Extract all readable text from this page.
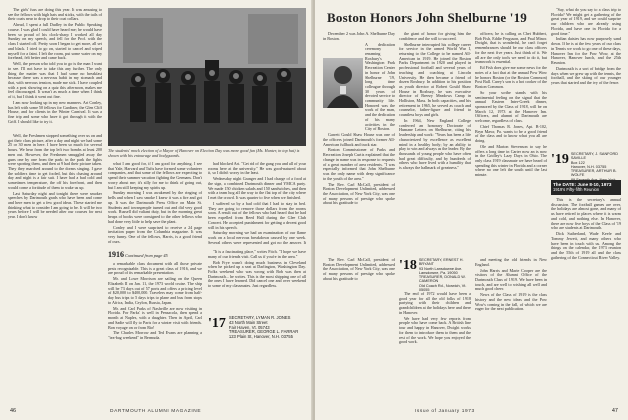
The girls' fuss are doing this year. It was amusing to see the fellows with high hats and sticks, with the tails of their coats near to drop to their coat collars.

Ahead, I spent a full Dudley in the Public Speaking course. I was glad I could have heard me; he would have been so proud of his clock-sharp I worked all day Sunday on my speech, and fell for the Prof. with the class I started off. Pretty soon I began to get more, all set and black. I tried to go on, started to cancel and wiped myself for a faint. I left the room, put some water on my forehead, felt better and came back.

Well, the person who told you to go is the man I want to see. I'll not have to take this any further. The only thing the matter was that I had some no breakfast because there was a nervous habit in my stomach and that, with nervous tension, made me sick. I have coupled with a post showing on a quiz this afternoon, makes me feel discouraged. It wasn't as much a time when I think of it, but I think it went out fine.

I am now looking up in my new manners. Art Conley, has left with some 50 fellows for Gardiner, the Glen Cliff House, and for clients in the Winter Carnival. It was a fine trip and some who have it got through it with the Griff. I should like to try it.

The students' mock election of a Mayor of Hanover on Election Day was more good fun (Ms. Hunter, in top hat) is shown with his entourage and bodyguards.

Well, the Freshmen stopped something over us on and got their class picture, after a day and night we had some 25 or 30 men in here. I have been so much for several hours. We hear from the top left two bombs at least 200 men out. However, the Freshmen smuggled away the guns one by one from the park; in the park the fights were sporting them, and then at 9 had their picture taken. They they marched around to the dorms singing. I gave the soldiers time to get fooled, but this chasing around day and night is a fair suit. I have had a bad cold and sometimes temperature, the off his forefront, and then would come a fortitude of them to wake us up.

Last Saturday night and tonight there were smoker speeches by Dartmouth grads who have been and come and here men to get a few good ideas. These started me thinking what to consider I am going to be. It will be two years before I will be needed after our courses for next year. I don't know

what I am good for, if I am good for anything. I see that Yale, Harvard and Tufts have formed some volunteer companies, and that some of the fellows are expecting to spend their summer vacation fighting the Germans. Don't worry about me; it's silly for me to think of going out, but I am still keeping my spirits up.

Sunday morning I was awakened by the ringing of bells and when I saw smoke I knew it was a fire and got up. It was the Dartmouth Press Office on Main St. Students and townspeople turned out and did very good work. Russell did valiant duty, but in the morning great heaps of books were consigned to the other fellows who had done very little to help save the plant.

Conley and I were surprised to receive a 24 page invitation paper from the Columbia magazine. It was very funny. One of the fellows, Harris, is a good friend of ours.

had blocked Art. "Get rid of the gang you and all of your rooms here at the university." He was good-natured about it, so I didn't worry in the least.

Wednesday night Granger and I had charge of a food at the sign, a combined Dartmouth dinner and YMCA party. We made 150 chicken salads and 150 sandwiches, and then with a team hog all the way to the flat top of the city where I met the crowd. It was quarter to five when we finished.

I suffered so by a bad cold that I had to stay in bed. They are going to remove those dollars from the rooms soon. A result out of the fellows who had heard that he had been expelled from Reed Hall during the Glee Club Concert. He accepted punishment for getting a decent good will in his speech.

Saturday morning we had an examination of our flame work on a local nervous breakdown caused by one week. Several others were represented and got no the answer. It

1916 Continued from page 45

a remarkable class document with all those private pests recognizable. This is a great class of 1916, and we are proud of its remarkable presentation.

Mr. and Lowe Morrison are sailing on the Queen Elizabeth II on Jan. 11, the 1973 world cruise. The ship will be 73 days out of 57 ports and offers a pricing level of $20,000 to $400,000. Travelers may come from half-day bus trips to 5 days trips to plane and bus from stops to Africa, India, Ceylon, Russia, Japan.

Mr. and Carl Parks of Nashville are now visiting in Florida. For Parks' is well in Pensacola, then spend a month at Naples, with a daughter. Then in April, Carl and Sadie will fly to Paris for a winter visit with friends. Bon voyage on or from Rio!

The Charles Morrow and Ted Evans are planning a "tea-bag weekend" in Bermuda.

"It is a fascinating place," writes Fitch. "I hope we have many of our friends visit. Call us if you're in the area."

Bob Frye wasn't doing much business in Cleveland when he picked up a seat at Darlington, Washington Day. Fofks weekend who was wrong with Bob was then at Dartmouth... he writes. This is the most shipping one of all the ones I have learned. Did cancel one and over weekend to some of my classmates. Just regardless.

'17 SECRETARY, LYMAN R. JONES
43 North Main Street
Fair Haven, Vt. 05743
TREASURER, GEORGE L. FARRAR
123 Plain St, Hanover, N.H. 03755
46	DARTMOUTH ALUMNI MAGAZINE
Boston Honors John Shelburne '19

December 2 was John A. Shelburne Day in Boston.

A dedication ceremony renaming Roxbury's Washington Park Recreation Center in honor of John Shelburne '19, long time colleague through 30 years of devoted service to community life. Honored was the work of the man, and the dedication of his many activities in the City of Boston.

Garrett Gould Shaw House was one of the officers joined Dartmouth's former All-American fullback and track star.

Boston Commissioner of Parks and Recreation Joseph Curtis explained that the change in name was in response to requests of a great number of area residents. "I was especially informed that John Shelburne was the only name with deep significance to the youth of the area."

The Rev. Carl McCall, president of Boston Development Unlimited, addressed the Association, of New York City, was one of many persons of prestige who spoke about his gratitude to

the giant of honor for giving him the confidence and the will to succeed.

Shelburne interrupted his college career for service in the armed World War I, returning to the College to be named All-American in 1919. He joined the Boston Parks Department in 1920 and played in professional football and several years of teaching and coaching at Lincoln University. He then became a friend of dozen Roxbury. In addition to his position as youth director at Robert Gould Shaw House in Roxbury, he was executive director of Breezy Meadows Camp in Holliston, Mass. In both capacities, and his retirement in 1965, he served as coach and counselor, father-figure and friend to countless boys and girls.

In 1964, New England College conferred an honorary Doctorate of Humane Letters on Shelburne, citing his leadership and work: "Years has been a life characterized by excellence as excellent mind in a healthy body; by an ability to play to win and always as the leader. By the thousands of young people who have often had great difficulty, and by hundreds of others who have lived with a humility that is always the hallmark of greatness."

officers; he is calling as Chet Hubbert, Bob Fish, Eddie Ferguson, and Paul Minor. Dwight, that is wonderful, he can't forget remembrances should be our class officers for the next five years. Just think of it. We all are the only tools we need to do it, but teamwork is essential.

Ed Fish does give me some news for the notes of a fact that at the annual Pow Wow he honors Boston (or the Boston Common) Post Ball. Carey's son is a hot cooker of the Boston Common.

So your scribe stands with his sentimental feeling on the signal that the annual Eastern Inter-Greek dinner, sponsored by the Class of 1918, will be on March 12, 1973 at the Hanover Inn. Officers, and alumni of Dartmouth are welcome, regardless of class.

Chief Thomas R. Jones, Apt. B-102, Bryn Mawr, Pa. wants to be a good friend of the class and to know what you all are doing.

Ole and Marion Stevenson to say he offers a long time in Carter now an is now in the Gridley's Lazy Days in Ohio. The only class 1919 classmate we have heard of spending this winter in Florida and a corner where no one left the south until the last minute.

"Say, what do you say to a class trip to Florida? We might get a gathering of the great year of 1919, and we could surprise our children who are already using Florida, and have one in Florida for a good time."

Indian daisies has now purposely sand down. If he is at the few years of our class in Tennis we work to go one of these days, Hanover Inn for the Pow Wow, at the Hanover, Hanover lunch, and the 25th Reunion.

Dartmouth is a sort of bridge from the days when we grew up with the tennis, the football, and the skiing of our younger years that started and the ivy of the fence.

'19 SECRETARY, J. SANFORD SAVILLE
Box 122
Hanover, N.H. 03755
TREASURER, ARTHUR B. WOLFE
The DATE: June 8-10, 1973
1919's Fifty-fifth Reunion

This is the secretary's annual discussion. The football games are over, the holidays are almost gone, and many of us have retired to places where it is warm and cold, and nothing else. In Hanover, there are now five boys of the Class of '19 who are students at Dartmouth.

Dick Sutherland, Wade Keefe and Tommy Jewett, and many others who have been in touch with us. Among the things on the calendar, the 1973 reunion and the 55th of 1919 all and the class gathering of the Connecticut River Valley.

'18 SECRETARY, ERNEST H. BRYANT
93 North Lansdowne Ave.
Lansdowne, Pa. 19050
TREASURER, DONALD W. CAMERON
Old Coach Rd., Norwich, Vt. 05055

The end of 1972 would have been a good year for all the old folks of 1918 partying with their children and grandchildren at the holidays here and there in Hanover.

We have had very few reports from people who have come back. A British line tour and happy in Hanover, Dwight works for them to introduce them to them and the rest of the work. We hope you enjoyed the good work.

The Rev. Carl McCall, president of Boston Development Unlimited, addressed the Association, of New York City, was one of many persons of prestige who spoke about his gratitude to

and meeting the old friends in New England.

John Harris and Marie Cooper are the visitors of the Alumni Office of the Dartmouth Class of 1919. We have been in touch, and are well to wishing all well and much good cheer.

News of the Class of 1919 is the class history and the new ideas and the Pow Wow's coming in the fall, of which we are eager for the next publication.

Issue of January 1973	47
